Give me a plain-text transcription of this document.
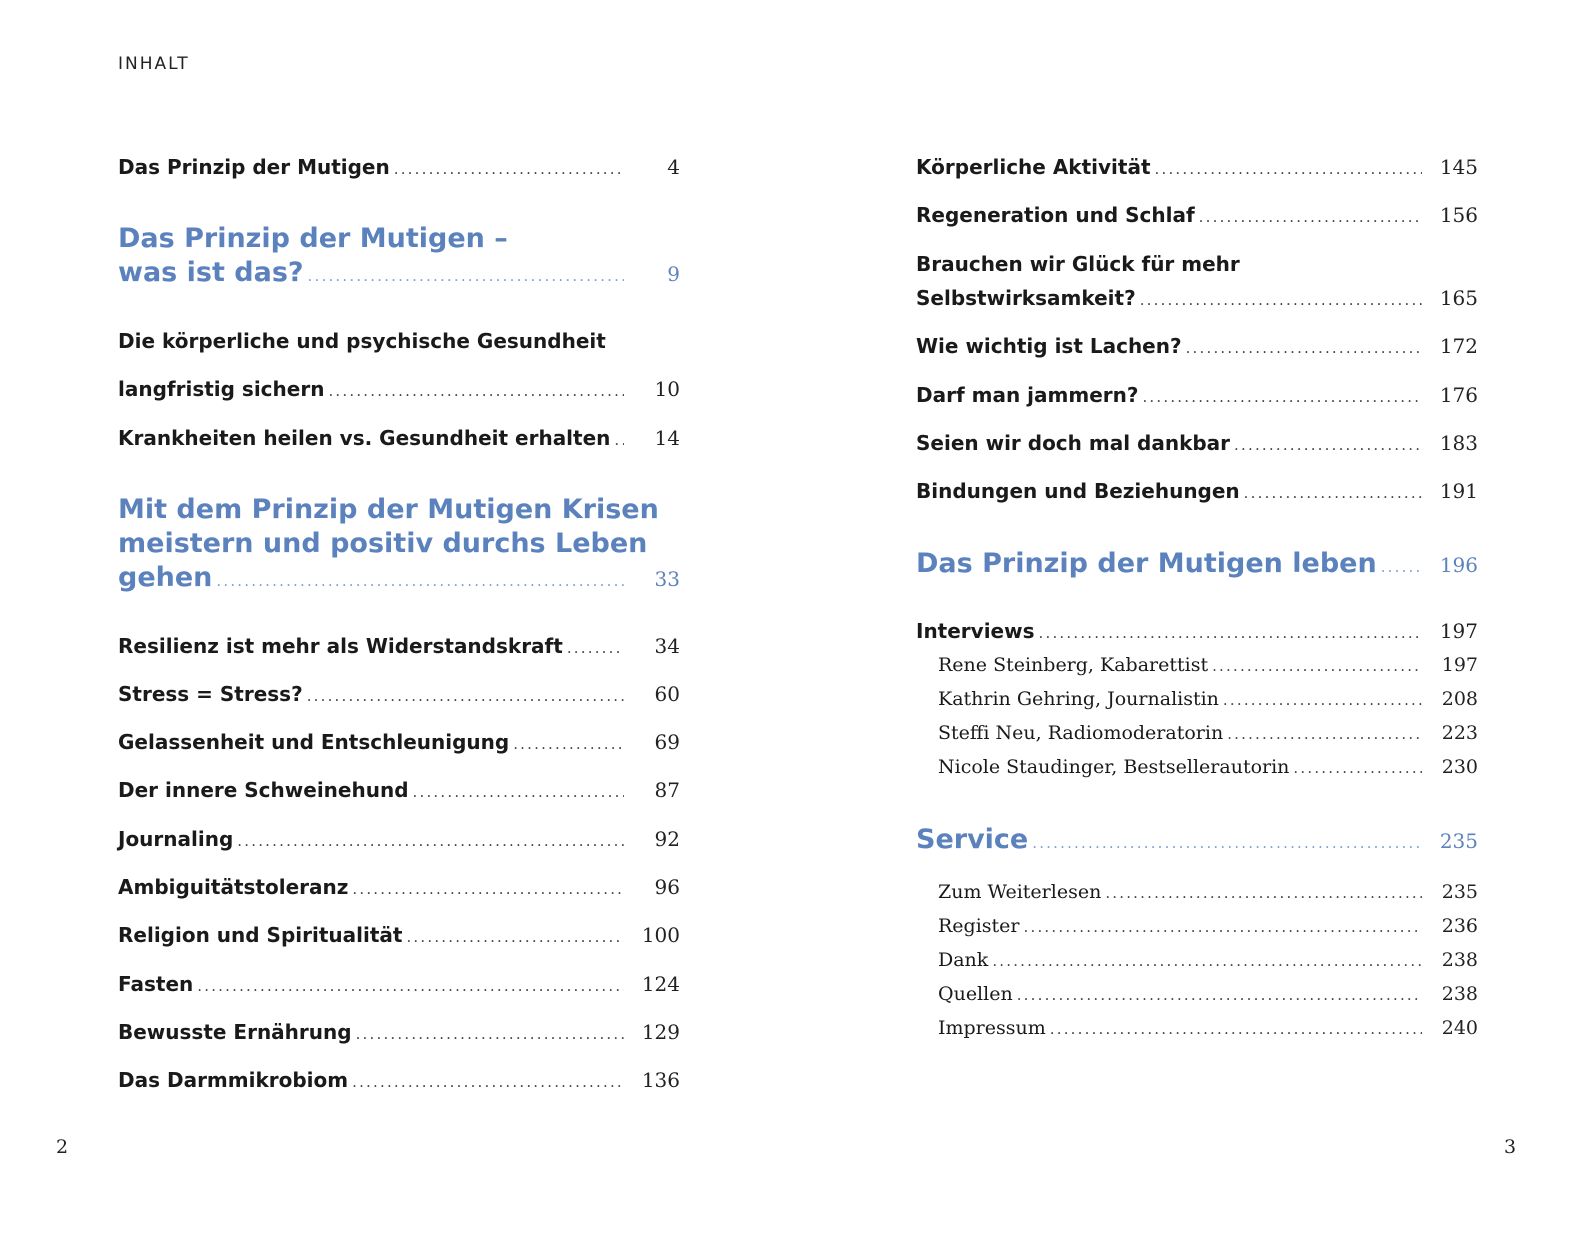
INHALT
Das Prinzip der Mutigen .....	4
Das Prinzip der Mutigen –
was ist das? .....	9
Die körperliche und psychische Gesundheit
langfristig sichern .....	10
Krankheiten heilen vs. Gesundheit erhalten .....	14
Mit dem Prinzip der Mutigen Krisen
meistern und positiv durchs Leben
gehen .....	33
Resilienz ist mehr als Widerstandskraft .....	34
Stress = Stress? .....	60
Gelassenheit und Entschleunigung .....	69
Der innere Schweinehund .....	87
Journaling .....	92
Ambiguitätstoleranz .....	96
Religion und Spiritualität .....	100
Fasten .....	124
Bewusste Ernährung .....	129
Das Darmmikrobiom .....	136
Körperliche Aktivität .....	145
Regeneration und Schlaf .....	156
Brauchen wir Glück für mehr
Selbstwirksamkeit? .....	165
Wie wichtig ist Lachen? .....	172
Darf man jammern? .....	176
Seien wir doch mal dankbar .....	183
Bindungen und Beziehungen .....	191
Das Prinzip der Mutigen leben .....	196
Interviews .....	197
Rene Steinberg, Kabarettist .....	197
Kathrin Gehring, Journalistin .....	208
Steffi Neu, Radiomoderatorin .....	223
Nicole Staudinger, Bestsellerautorin .....	230
Service .....	235
Zum Weiterlesen .....	235
Register .....	236
Dank .....	238
Quellen .....	238
Impressum .....	240
2	3
